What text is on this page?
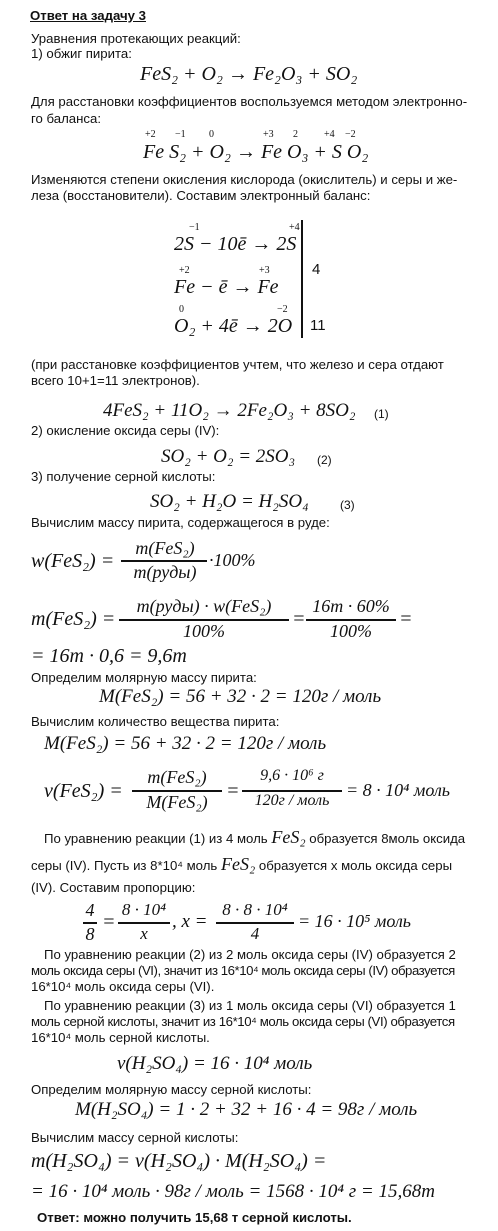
Ответ на задачу 3
Уравнения протекающих реакций:
1) обжиг пирита:
FeS₂ + O₂ → Fe₂O₃ + SO₂
Для расстановки коэффициентов воспользуемся методом электронно-
го баланса:
Fe S₂ + O₂ → Fe O₃ + S O₂
+2 −1 0	+3 2	+4 −2
Изменяются степени окисления кислорода (окислитель) и серы и же-
леза (восстановители). Составим электронный баланс:
2S − 10ē → 2S
−1	+4
Fe − ē → Fe
+2	+3	4
O₂ + 4ē → 2O
0	−2
11
(при расстановке коэффициентов учтем, что железо и сера отдают
всего 10+1=11 электронов).
4FeS₂ + 11O₂ → 2Fe₂O₃ + 8SO₂ (1)
2) окисление оксида серы (IV):
SO₂ + O₂ = 2SO₃ (2)
3) получение серной кислоты:
SO₂ + H₂O = H₂SO₄	(3)
Вычислим массу пирита, содержащегося в руде:
w(FeS₂) =
m(FeS₂)
m(руды)
·100%
m(FeS₂) =
m(руды) · w(FeS₂)
100%
=
16т · 60%
100%
=
= 16т · 0,6 = 9,6т
Определим молярную массу пирита:
M(FeS₂) = 56 + 32 · 2 = 120г / моль
Вычислим количество вещества пирита:
M(FeS₂) = 56 + 32 · 2 = 120г / моль
ν(FeS₂) =
m(FeS₂)
M(FeS₂) =
9,6 · 10⁶ г
120г / моль
= 8 · 10⁴ моль
По уравнению реакции (1) из 4 моль FeS₂ образуется 8моль оксида
серы (IV). Пусть из 8*10⁴ моль FeS₂ образуется х моль оксида серы
(IV). Составим пропорцию:
4
8
=
8 · 10⁴
x
, x =
8 · 8 · 10⁴
4
= 16 · 10⁵ моль
По уравнению реакции (2) из 2 моль оксида серы (IV) образуется 2
моль оксида серы (VI), значит из 16*10⁴ моль оксида серы (IV) образуется
16*10⁴ моль оксида серы (VI).
По уравнению реакции (3) из 1 моль оксида серы (VI) образуется 1
моль серной кислоты, значит из 16*10⁴ моль оксида серы (VI) образуется
16*10⁴ моль серной кислоты.
ν(H₂SO₄) = 16 · 10⁴ моль
Определим молярную массу серной кислоты:
M(H₂SO₄) = 1 · 2 + 32 + 16 · 4 = 98г / моль
Вычислим массу серной кислоты:
m(H₂SO₄) = ν(H₂SO₄) · M(H₂SO₄) =
= 16 · 10⁴ моль · 98г / моль = 1568 · 10⁴ г = 15,68т
Ответ: можно получить 15,68 т серной кислоты.
